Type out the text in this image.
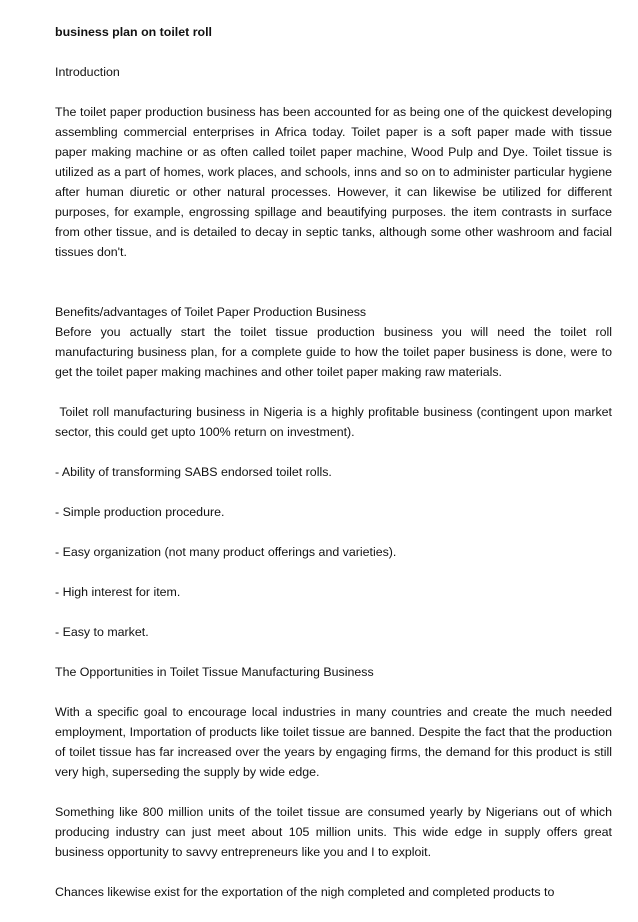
business plan on toilet roll
Introduction
The toilet paper production business has been accounted for as being one of the quickest developing assembling commercial enterprises in Africa today. Toilet paper is a soft paper made with tissue paper making machine or as often called toilet paper machine, Wood Pulp and Dye. Toilet tissue is utilized as a part of homes, work places, and schools, inns and so on to administer particular hygiene after human diuretic or other natural processes. However, it can likewise be utilized for different purposes, for example, engrossing spillage and beautifying purposes. the item contrasts in surface from other tissue, and is detailed to decay in septic tanks, although some other washroom and facial tissues don't.
Benefits/advantages of Toilet Paper Production Business
Before you actually start the toilet tissue production business you will need the toilet roll manufacturing business plan, for a complete guide to how the toilet paper business is done, were to get the toilet paper making machines and other toilet paper making raw materials.
Toilet roll manufacturing business in Nigeria is a highly profitable business (contingent upon market sector, this could get upto 100% return on investment).
- Ability of transforming SABS endorsed toilet rolls.
- Simple production procedure.
- Easy organization (not many product offerings and varieties).
- High interest for item.
- Easy to market.
The Opportunities in Toilet Tissue Manufacturing Business
With a specific goal to encourage local industries in many countries and create the much needed employment, Importation of products like toilet tissue are banned. Despite the fact that the production of toilet tissue has far increased over the years by engaging firms, the demand for this product is still very high, superseding the supply by wide edge.
Something like 800 million units of the toilet tissue are consumed yearly by Nigerians out of which producing industry can just meet about 105 million units. This wide edge in supply offers great business opportunity to savvy entrepreneurs like you and I to exploit.
Chances likewise exist for the exportation of the nigh completed and completed products to
